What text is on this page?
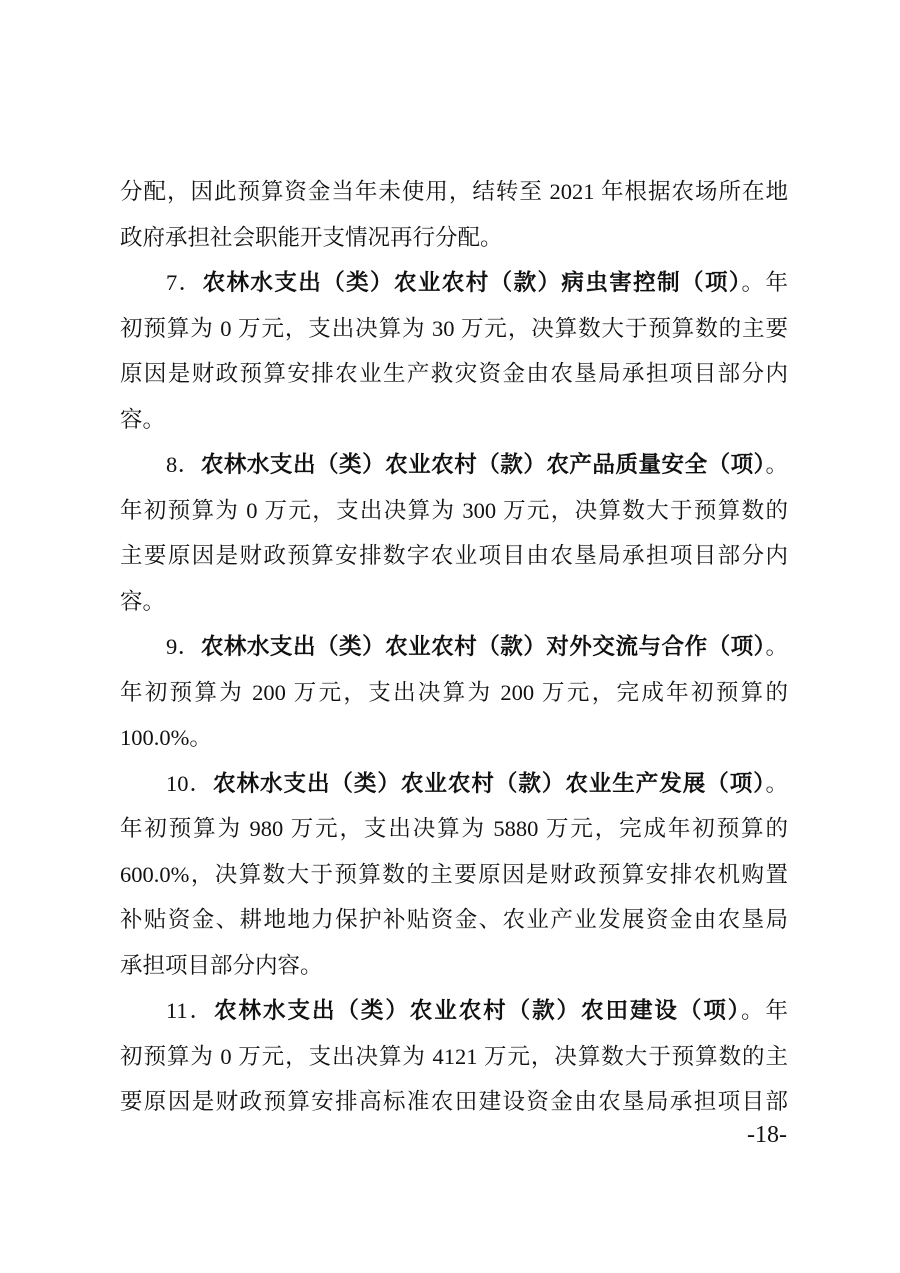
分配，因此预算资金当年未使用，结转至 2021 年根据农场所在地
政府承担社会职能开支情况再行分配。
7．农林水支出（类）农业农村（款）病虫害控制（项）。年
初预算为 0 万元，支出决算为 30 万元，决算数大于预算数的主要
原因是财政预算安排农业生产救灾资金由农垦局承担项目部分内
容。
8．农林水支出（类）农业农村（款）农产品质量安全（项）。
年初预算为 0 万元，支出决算为 300 万元，决算数大于预算数的
主要原因是财政预算安排数字农业项目由农垦局承担项目部分内
容。
9．农林水支出（类）农业农村（款）对外交流与合作（项）。
年初预算为 200 万元，支出决算为 200 万元，完成年初预算的
100.0%。
10．农林水支出（类）农业农村（款）农业生产发展（项）。
年初预算为 980 万元，支出决算为 5880 万元，完成年初预算的
600.0%，决算数大于预算数的主要原因是财政预算安排农机购置
补贴资金、耕地地力保护补贴资金、农业产业发展资金由农垦局
承担项目部分内容。
11．农林水支出（类）农业农村（款）农田建设（项）。年
初预算为 0 万元，支出决算为 4121 万元，决算数大于预算数的主
要原因是财政预算安排高标准农田建设资金由农垦局承担项目部
-18-
